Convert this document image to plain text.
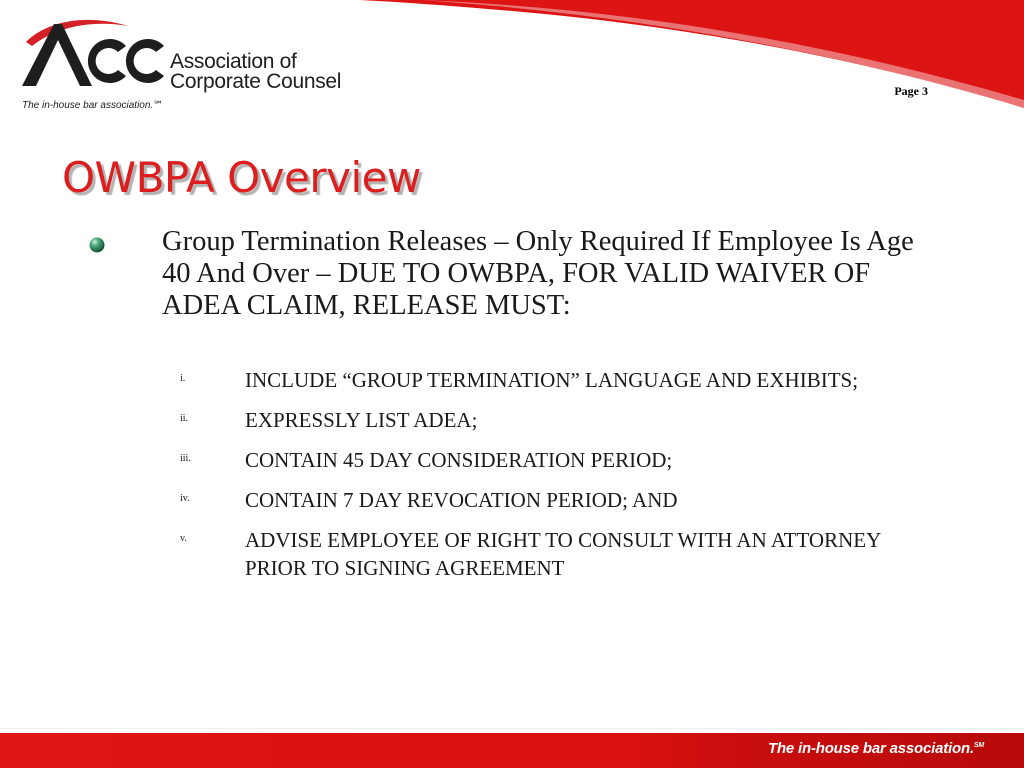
Association of
Corporate Counsel
The in-house bar association.℠
Page 3
OWBPA Overview
Group Termination Releases – Only Required If Employee Is Age 40 And Over – DUE TO OWBPA, FOR VALID WAIVER OF ADEA CLAIM, RELEASE MUST:
i.	INCLUDE “GROUP TERMINATION” LANGUAGE AND EXHIBITS;
ii.	EXPRESSLY LIST ADEA;
iii.	CONTAIN 45 DAY CONSIDERATION PERIOD;
iv.	CONTAIN 7 DAY REVOCATION PERIOD; AND
v.	ADVISE EMPLOYEE OF RIGHT TO CONSULT WITH AN ATTORNEY PRIOR TO SIGNING AGREEMENT
The in-house bar association.℠
